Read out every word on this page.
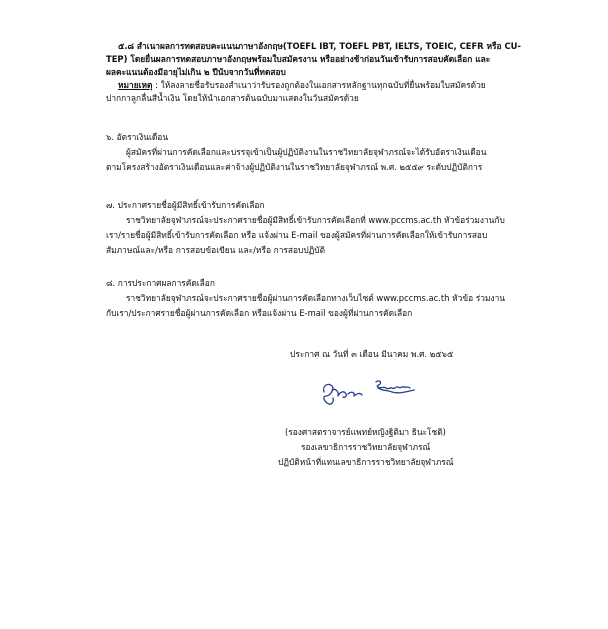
๕.๘ สำเนาผลการทดสอบคะแนนภาษาอังกฤษ(TOEFL IBT, TOEFL PBT, IELTS, TOEIC, CEFR หรือ CU-
TEP) โดยยื่นผลการทดสอบภาษาอังกฤษพร้อมใบสมัครงาน หรืออย่างช้าก่อนวันเข้ารับการสอบคัดเลือก และ
ผลคะแนนต้องมีอายุไม่เกิน ๒ ปีนับจากวันที่ทดสอบ
หมายเหตุ : ให้ลงลายชื่อรับรองสำเนาว่ารับรองถูกต้องในเอกสารหลักฐานทุกฉบับที่ยื่นพร้อมใบสมัครด้วย
ปากกาลูกลื่นสีน้ำเงิน โดยให้นำเอกสารต้นฉบับมาแสดงในวันสมัครด้วย
๖. อัตราเงินเดือน
ผู้สมัครที่ผ่านการคัดเลือกและบรรจุเข้าเป็นผู้ปฏิบัติงานในราชวิทยาลัยจุฬาภรณ์จะได้รับอัตราเงินเดือน
ตามโครงสร้างอัตราเงินเดือนและค่าจ้างผู้ปฏิบัติงานในราชวิทยาลัยจุฬาภรณ์ พ.ศ. ๒๕๕๙ ระดับปฏิบัติการ
๗. ประกาศรายชื่อผู้มีสิทธิ์เข้ารับการคัดเลือก
ราชวิทยาลัยจุฬาภรณ์จะประกาศรายชื่อผู้มีสิทธิ์เข้ารับการคัดเลือกที่ www.pccms.ac.th หัวข้อร่วมงานกับ
เรา/รายชื่อผู้มีสิทธิ์เข้ารับการคัดเลือก หรือ แจ้งผ่าน E-mail ของผู้สมัครที่ผ่านการคัดเลือกให้เข้ารับการสอบ
สัมภาษณ์และ/หรือ การสอบข้อเขียน และ/หรือ การสอบปฏิบัติ
๘. การประกาศผลการคัดเลือก
ราชวิทยาลัยจุฬาภรณ์จะประกาศรายชื่อผู้ผ่านการคัดเลือกทางเว็บไซต์ www.pccms.ac.th หัวข้อ ร่วมงาน
กับเรา/ประกาศรายชื่อผู้ผ่านการคัดเลือก หรือแจ้งผ่าน E-mail ของผู้ที่ผ่านการคัดเลือก
ประกาศ ณ วันที่ ๓ เดือน มีนาคม พ.ศ. ๒๕๖๕
(รองศาสตราจารย์แพทย์หญิงฐิติมา ธินะโชติ)
รองเลขาธิการราชวิทยาลัยจุฬาภรณ์
ปฏิบัติหน้าที่แทนเลขาธิการราชวิทยาลัยจุฬาภรณ์
